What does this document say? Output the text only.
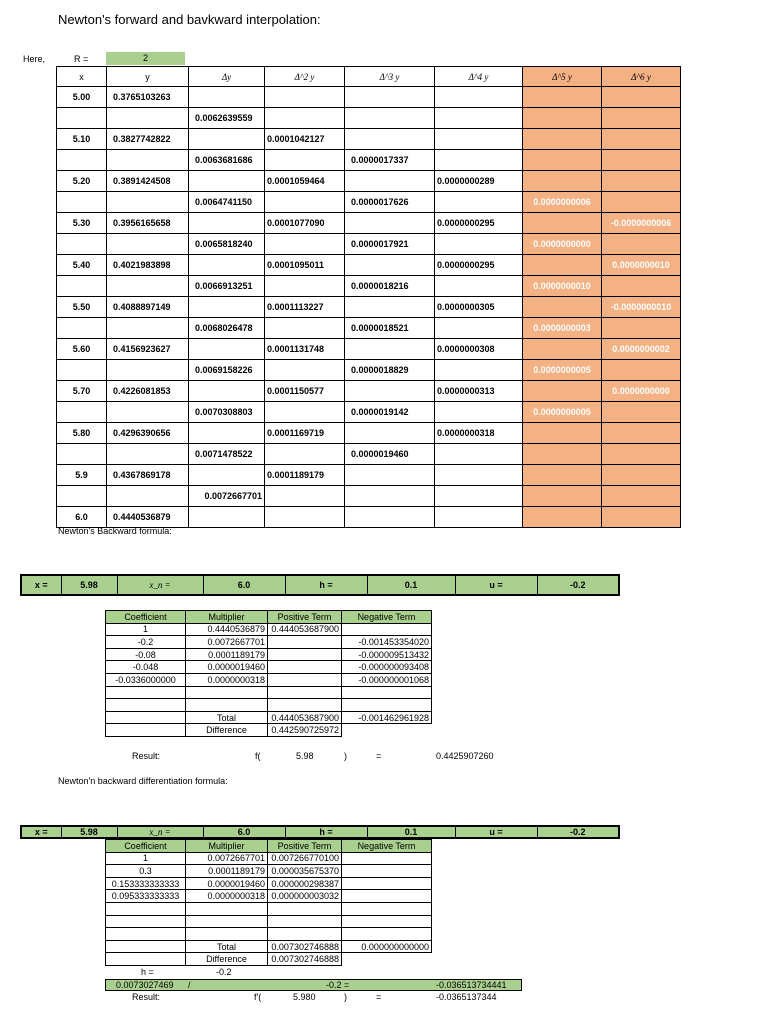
Newton's forward and bavkward interpolation:
Here,	R =	2
x	y	Δy	Δ^2 y	Δ^3 y	Δ^4 y	Δ^5 y	Δ^6 y
5.00	0.3765103263						
		0.0062639559					
5.10	0.3827742822		0.0001042127				
		0.0063681686		0.0000017337			
5.20	0.3891424508		0.0001059464		0.0000000289		
		0.0064741150		0.0000017626		0.0000000006	
5.30	0.3956165658		0.0001077090		0.0000000295		-0.0000000006
		0.0065818240		0.0000017921		0.0000000000	
5.40	0.4021983898		0.0001095011		0.0000000295		0.0000000010
		0.0066913251		0.0000018216		0.0000000010	
5.50	0.4088897149		0.0001113227		0.0000000305		-0.0000000010
		0.0068026478		0.0000018521		0.0000000003	
5.60	0.4156923627		0.0001131748		0.0000000308		0.0000000002
		0.0069158226		0.0000018829		0.0000000005	
5.70	0.4226081853		0.0001150577		0.0000000313		0.0000000000
		0.0070308803		0.0000019142		0.0000000005	
5.80	0.4296390656		0.0001169719		0.0000000318		
		0.0071478522		0.0000019460			
5.9	0.4367869178		0.0001189179				
		0.0072667701					
6.0	0.4440536879						
Newton's Backward formula:
x =	5.98	x_n =	6.0	h =	0.1	u =	-0.2
Coefficient	Multiplier	Positive Term	Negative Term
1	0.4440536879	0.444053687900	
-0.2	0.0072667701		-0.001453354020
-0.08	0.0001189179		-0.000009513432
-0.048	0.0000019460		-0.000000093408
-0.0336000000	0.0000000318		-0.000000001068

	Total	0.444053687900	-0.001462961928
	Difference	0.442590725972	
Result:	f(	5.98	)	=	0.4425907260
Newton'n backward differentiation formula:
x =	5.98	x_n =	6.0	h =	0.1	u =	-0.2
Coefficient	Multiplier	Positive Term	Negative Term
1	0.0072667701	0.007266770100	
0.3	0.0001189179	0.000035675370	
0.153333333333	0.0000019460	0.000000298387	
0.095333333333	0.0000000318	0.000000003032	

	Total	0.007302746888	0.000000000000
	Difference	0.007302746888	
h =	-0.2
0.0073027469 /	-0.2 =	-0.036513734441
Result:	f'(	5.980	)	=	-0.0365137344
